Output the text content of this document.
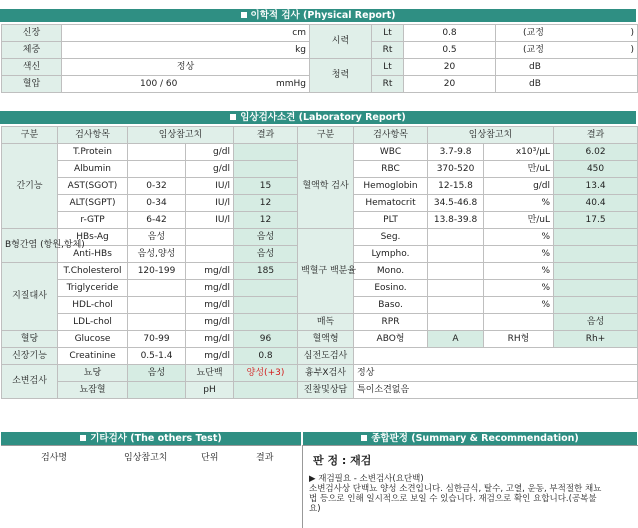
이학적 검사 (Physical Report)
신장	cm	시력	Lt	0.8	(교정 )

체중	kg		Rt	0.5	(교정 )

색신	정상	청력	Lt	20	dB
혈압	100 / 60 mmHg		Rt	20	dB
임상검사소견 (Laboratory Report)
구분	검사항목	임상참고치		결과	구분	검사항목	임상참고치		결과
간기능	T.Protein		g/dl		혈액학 검사	WBC	3.7-9.8	x10³/μL	6.02
	Albumin		g/dl			RBC	370-520	만/uL	450
	AST(SGOT)	0-32	IU/l	15		Hemoglobin	12-15.8	g/dl	13.4
	ALT(SGPT)	0-34	IU/l	12		Hematocrit	34.5-46.8	%	40.4
	r-GTP	6-42	IU/l	12		PLT	13.8-39.8	만/uL	17.5
B형간염 (항원,항체)	HBs-Ag	음성		음성	백혈구 백분율	Seg.		%	
	Anti-HBs	음성,양성		음성		Lympho.		%	
지질대사	T.Cholesterol	120-199	mg/dl	185		Mono.		%	
	Triglyceride		mg/dl			Eosino.		%	
	HDL-chol		mg/dl			Baso.		%	
	LDL-chol		mg/dl		매독	RPR			음성
혈당	Glucose	70-99	mg/dl	96	혈액형	ABO형	A	RH형	Rh+
신장기능	Creatinine	0.5-1.4	mg/dl	0.8	심전도검사				
소변검사	뇨당	음성	뇨단백	양성(+3)	흉부X검사	정상			
	뇨잠혈		pH		진찰및상담	특이소견없음			
기타검사 (The others Test)
검사명	임상참고치	단위	결과
종합판정 (Summary & Recommendation)
판 정 : 재검
▶ 재검필요 - 소변검사(요단백)
소변검사상 단백뇨 양성 소견입니다. 심한금식, 탈수, 고열, 운동, 부적절한 채뇨
법 등으로 인해 일시적으로 보일 수 있습니다. 재검으로 확인 요합니다.(공복불
요)
